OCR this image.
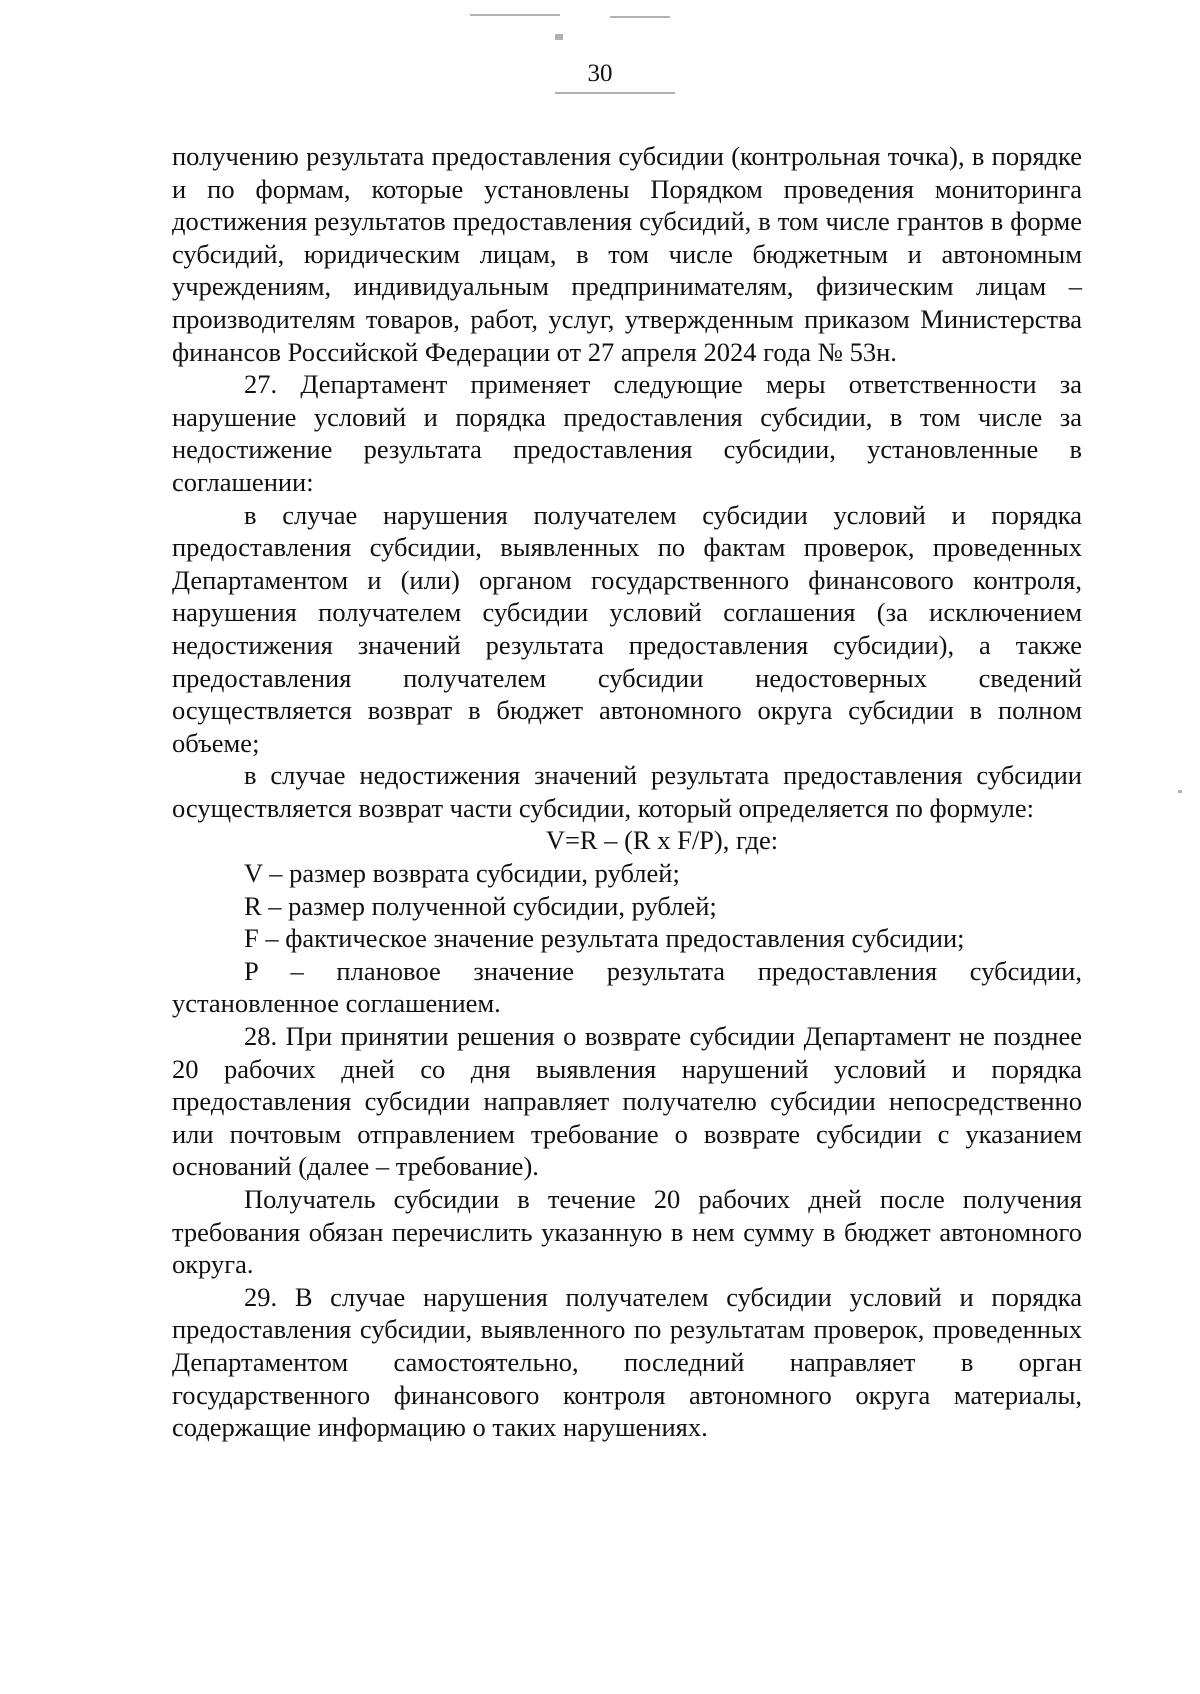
30

получению результата предоставления субсидии (контрольная точка), в порядке и по формам, которые установлены Порядком проведения мониторинга достижения результатов предоставления субсидий, в том числе грантов в форме субсидий, юридическим лицам, в том числе бюджетным и автономным учреждениям, индивидуальным предпринимателям, физическим лицам – производителям товаров, работ, услуг, утвержденным приказом Министерства финансов Российской Федерации от 27 апреля 2024 года № 53н.

27. Департамент применяет следующие меры ответственности за нарушение условий и порядка предоставления субсидии, в том числе за недостижение результата предоставления субсидии, установленные в соглашении:

в случае нарушения получателем субсидии условий и порядка предоставления субсидии, выявленных по фактам проверок, проведенных Департаментом и (или) органом государственного финансового контроля, нарушения получателем субсидии условий соглашения (за исключением недостижения значений результата предоставления субсидии), а также предоставления получателем субсидии недостоверных сведений осуществляется возврат в бюджет автономного округа субсидии в полном объеме;

в случае недостижения значений результата предоставления субсидии осуществляется возврат части субсидии, который определяется по формуле:

V=R – (R x F/P), где:

V – размер возврата субсидии, рублей;

R – размер полученной субсидии, рублей;

F – фактическое значение результата предоставления субсидии;

P – плановое значение результата предоставления субсидии, установленное соглашением.

28. При принятии решения о возврате субсидии Департамент не позднее 20 рабочих дней со дня выявления нарушений условий и порядка предоставления субсидии направляет получателю субсидии непосредственно или почтовым отправлением требование о возврате субсидии с указанием оснований (далее – требование).

Получатель субсидии в течение 20 рабочих дней после получения требования обязан перечислить указанную в нем сумму в бюджет автономного округа.

29. В случае нарушения получателем субсидии условий и порядка предоставления субсидии, выявленного по результатам проверок, проведенных Департаментом самостоятельно, последний направляет в орган государственного финансового контроля автономного округа материалы, содержащие информацию о таких нарушениях.
